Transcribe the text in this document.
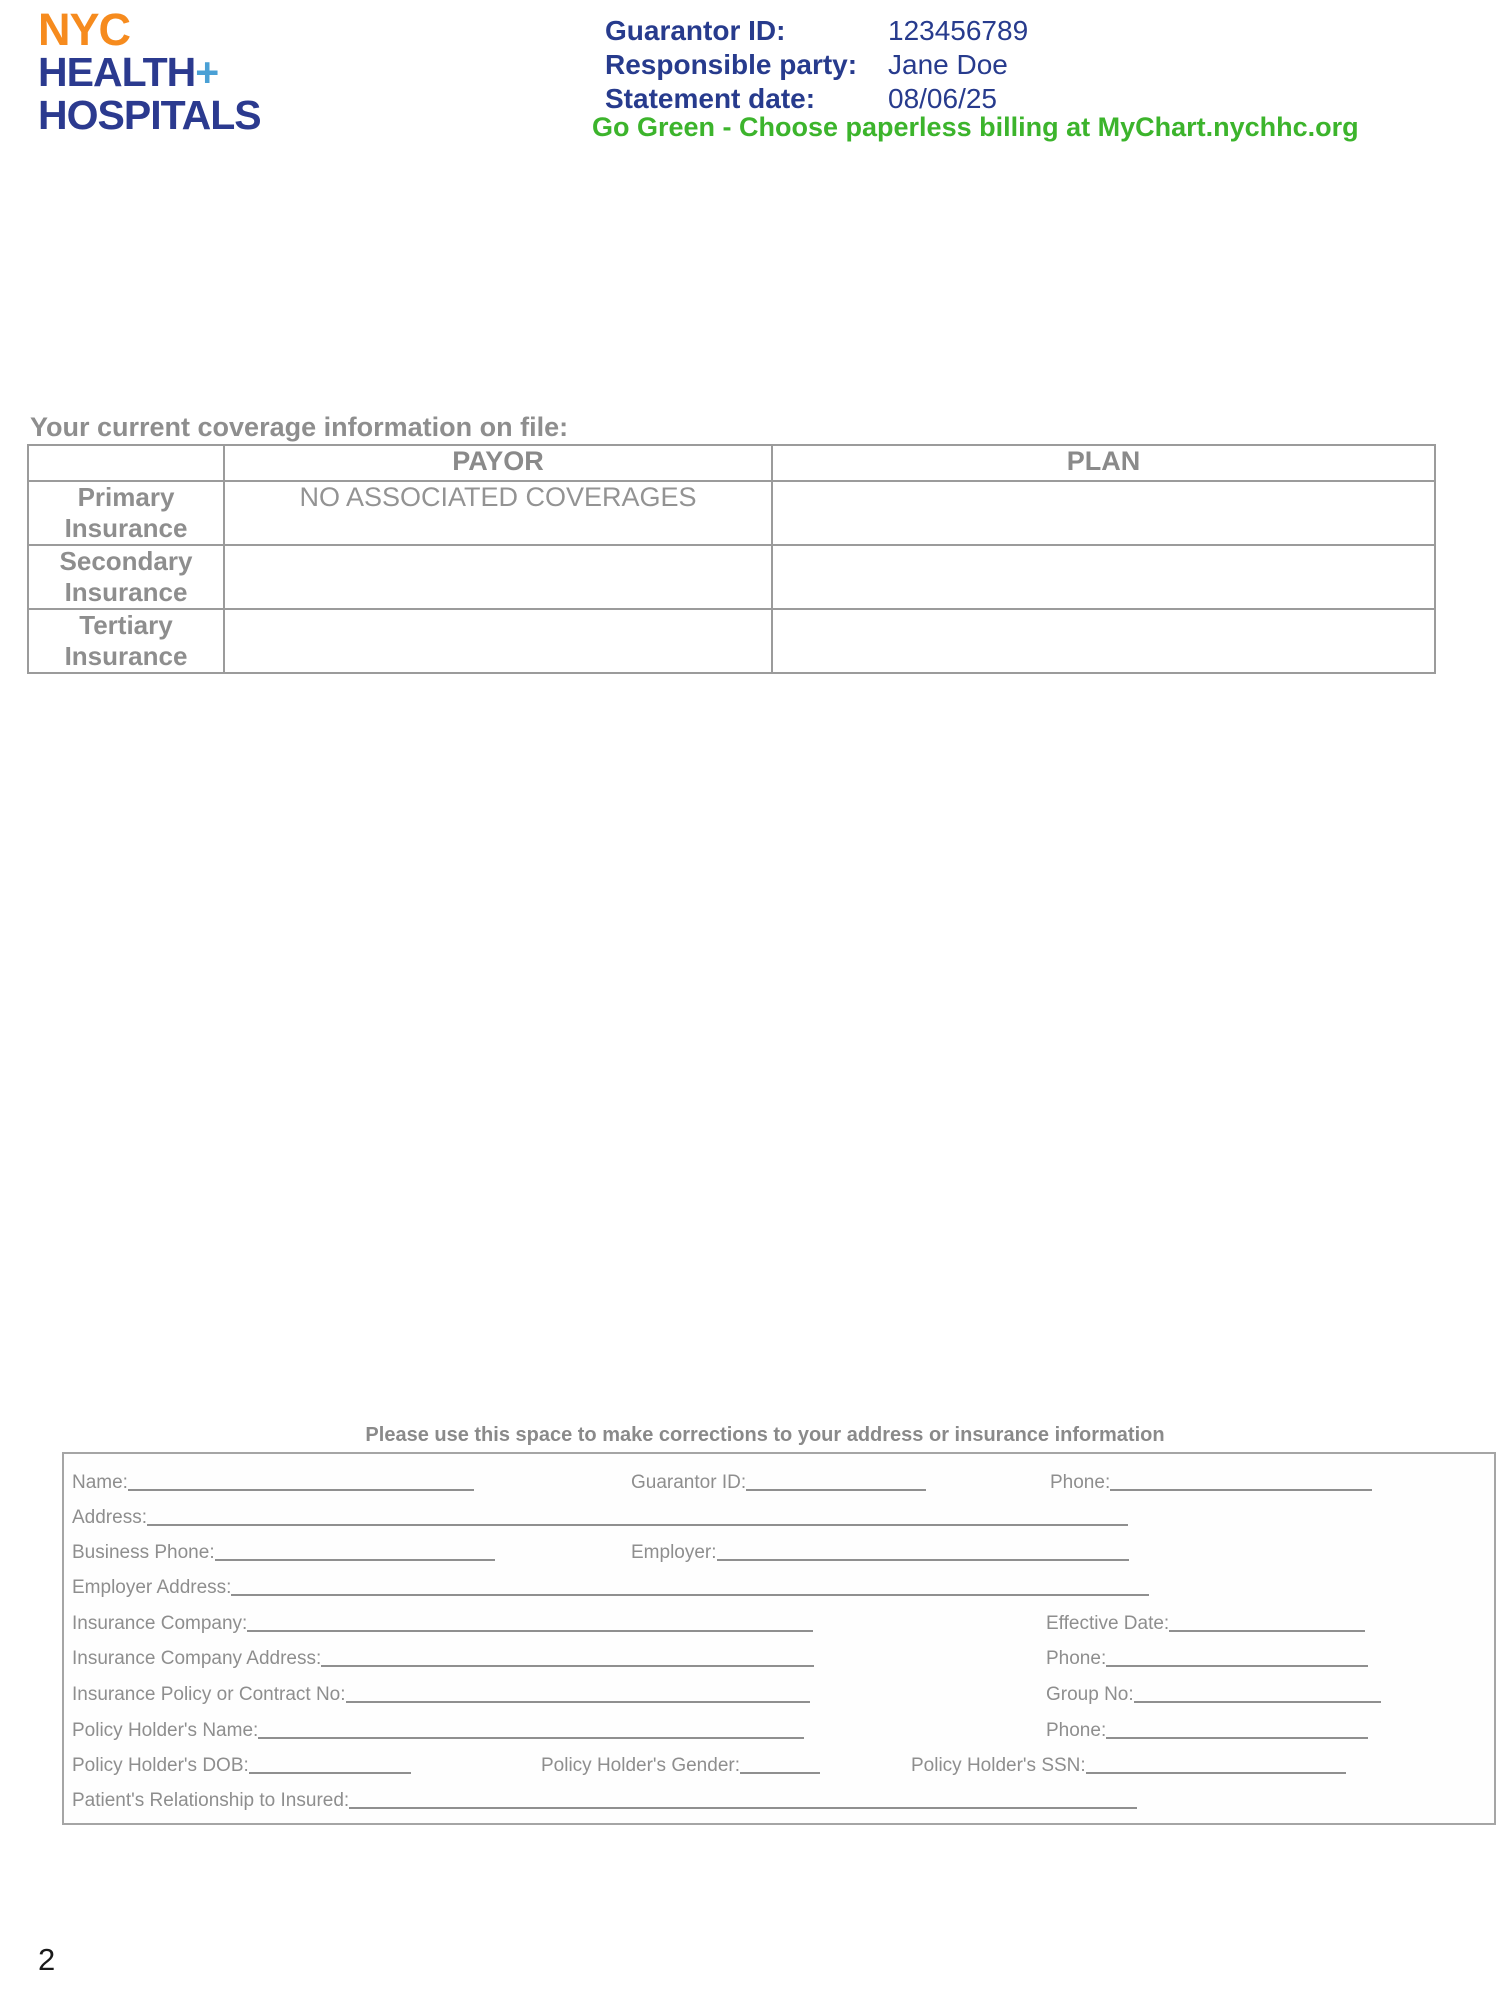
NYC
HEALTH+
HOSPITALS
Guarantor ID:	123456789
Responsible party:	Jane Doe
Statement date:	08/06/25
Go Green - Choose paperless billing at MyChart.nychhc.org
Your current coverage information on file:
	PAYOR	PLAN
Primary Insurance	NO ASSOCIATED COVERAGES	
Secondary Insurance		
Tertiary Insurance		
Please use this space to make corrections to your address or insurance information
Name:	Guarantor ID:	Phone:
Address:
Business Phone:	Employer:
Employer Address:
Insurance Company:	Effective Date:
Insurance Company Address:	Phone:
Insurance Policy or Contract No:	Group No:
Policy Holder's Name:	Phone:
Policy Holder's DOB:	Policy Holder's Gender:	Policy Holder's SSN:
Patient's Relationship to Insured:
2
